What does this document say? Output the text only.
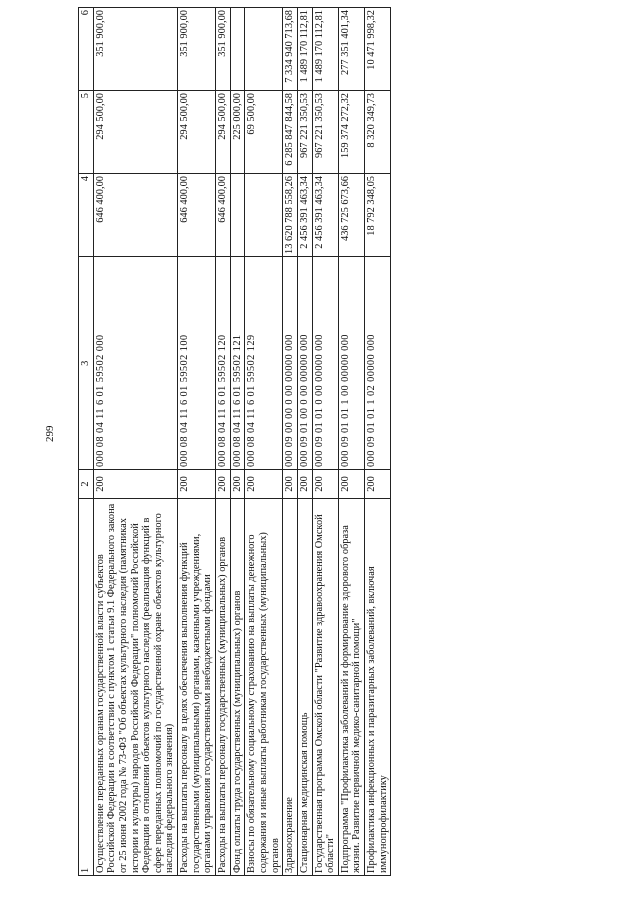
299
1	2	3	4	5	6
Осуществление переданных органам государственной власти субъектов Российской Федерации в соответствии с пунктом 1 статьи 9.1 Федерального закона от 25 июня 2002 года № 73-ФЗ "Об объектах культурного наследия (памятниках истории и культуры) народов Российской Федерации" полномочий Российской Федерации в отношении объектов культурного наследия (реализация функций в сфере переданных полномочий по государственной охране объектов культурного наследия федерального значения)	200	000 08 04 11 6 01 59502 000	646 400,00	294 500,00	351 900,00
Расходы на выплаты персоналу в целях обеспечения выполнения функций государственными (муниципальными) органами, казенными учреждениями, органами управления государственными внебюджетными фондами	200	000 08 04 11 6 01 59502 100	646 400,00	294 500,00	351 900,00
Расходы на выплаты персоналу государственных (муниципальных) органов	200	000 08 04 11 6 01 59502 120	646 400,00	294 500,00	351 900,00
Фонд оплаты труда государственных (муниципальных) органов	200	000 08 04 11 6 01 59502 121		225 000,00	
Взносы по обязательному социальному страхованию на выплаты денежного содержания и иные выплаты работникам государственных (муниципальных) органов	200	000 08 04 11 6 01 59502 129		69 500,00	
Здравоохранение	200	000 09 00 00 0 00 00000 000	13 620 788 558,26	6 285 847 844,58	7 334 940 713,68
Стационарная медицинская помощь	200	000 09 01 00 0 00 00000 000	2 456 391 463,34	967 221 350,53	1 489 170 112,81
Государственная программа Омской области "Развитие здравоохранения Омской области"	200	000 09 01 01 0 00 00000 000	2 456 391 463,34	967 221 350,53	1 489 170 112,81
Подпрограмма "Профилактика заболеваний и формирование здорового образа жизни. Развитие первичной медико-санитарной помощи"	200	000 09 01 01 1 00 00000 000	436 725 673,66	159 374 272,32	277 351 401,34
Профилактика инфекционных и паразитарных заболеваний, включая иммунопрофилактику	200	000 09 01 01 1 02 00000 000	18 792 348,05	8 320 349,73	10 471 998,32
